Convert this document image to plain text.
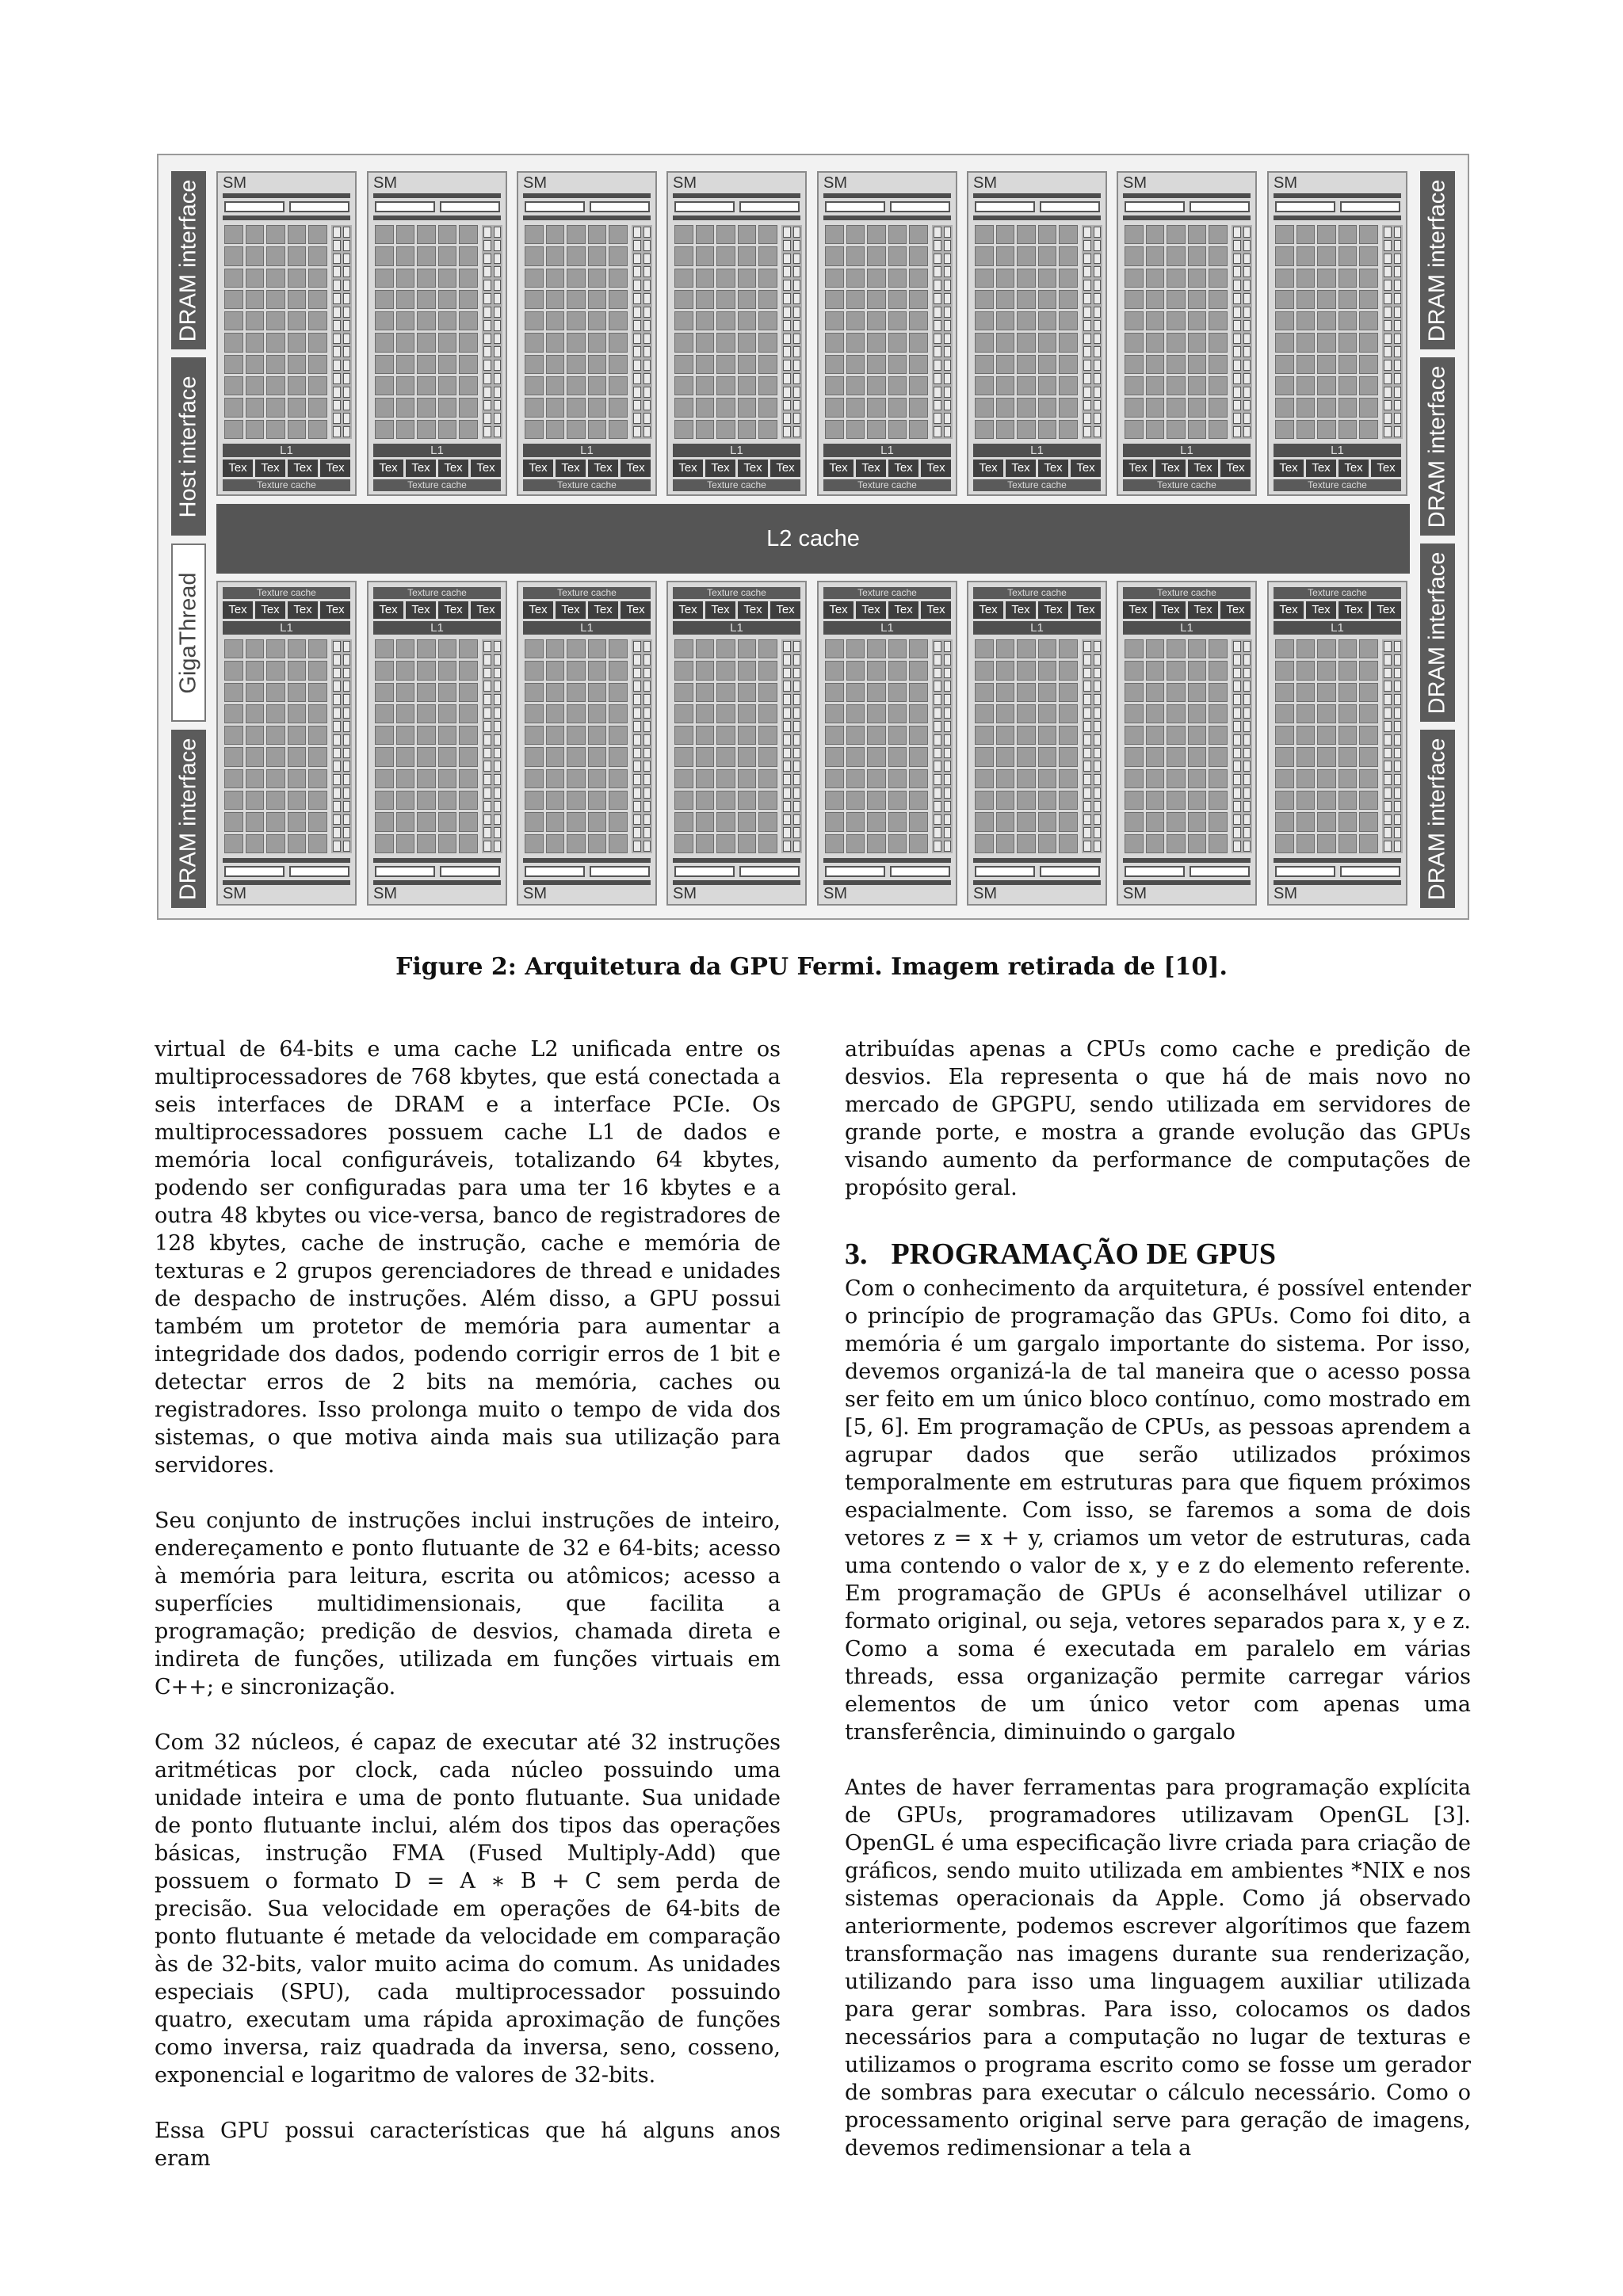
DRAM interface
Host interface
GigaThread
DRAM interface
DRAM interface
DRAM interface
DRAM interface
DRAM interface
SM
L1
Tex	Tex	Tex	Tex
Texture cache
Texture cache
Tex	Tex	Tex	Tex
L1
SM
SM
L1
Tex	Tex	Tex	Tex
Texture cache
Texture cache
Tex	Tex	Tex	Tex
L1
SM
SM
L1
Tex	Tex	Tex	Tex
Texture cache
Texture cache
Tex	Tex	Tex	Tex
L1
SM
SM
L1
Tex	Tex	Tex	Tex
Texture cache
Texture cache
Tex	Tex	Tex	Tex
L1
SM
SM
L1
Tex	Tex	Tex	Tex
Texture cache
Texture cache
Tex	Tex	Tex	Tex
L1
SM
SM
L1
Tex	Tex	Tex	Tex
Texture cache
Texture cache
Tex	Tex	Tex	Tex
L1
SM
SM
L1
Tex	Tex	Tex	Tex
Texture cache
Texture cache
Tex	Tex	Tex	Tex
L1
SM
SM
L1
Tex	Tex	Tex	Tex
Texture cache
Texture cache
Tex	Tex	Tex	Tex
L1
SM
L2 cache
Figure 2: Arquitetura da GPU Fermi. Imagem retirada de [10].

virtual de 64-bits e uma cache L2 unificada entre os multiprocessadores de 768 kbytes, que está conectada a seis interfaces de DRAM e a interface PCIe. Os multiprocessadores possuem cache L1 de dados e memória local configuráveis, totalizando 64 kbytes, podendo ser configuradas para uma ter 16 kbytes e a outra 48 kbytes ou vice-versa, banco de registradores de 128 kbytes, cache de instrução, cache e memória de texturas e 2 grupos gerenciadores de thread e unidades de despacho de instruções. Além disso, a GPU possui também um protetor de memória para aumentar a integridade dos dados, podendo corrigir erros de 1 bit e detectar erros de 2 bits na memória, caches ou registradores. Isso prolonga muito o tempo de vida dos sistemas, o que motiva ainda mais sua utilização para servidores.

Seu conjunto de instruções inclui instruções de inteiro, endereçamento e ponto flutuante de 32 e 64-bits; acesso à memória para leitura, escrita ou atômicos; acesso a superfícies multidimensionais, que facilita a programação; predição de desvios, chamada direta e indireta de funções, utilizada em funções virtuais em C++; e sincronização.

Com 32 núcleos, é capaz de executar até 32 instruções aritméticas por clock, cada núcleo possuindo uma unidade inteira e uma de ponto flutuante. Sua unidade de ponto flutuante inclui, além dos tipos das operações básicas, instrução FMA (Fused Multiply-Add) que possuem o formato D = A ∗ B + C sem perda de precisão. Sua velocidade em operações de 64-bits de ponto flutuante é metade da velocidade em comparação às de 32-bits, valor muito acima do comum. As unidades especiais (SPU), cada multiprocessador possuindo quatro, executam uma rápida aproximação de funções como inversa, raiz quadrada da inversa, seno, cosseno, exponencial e logaritmo de valores de 32-bits.

Essa GPU possui características que há alguns anos eram

atribuídas apenas a CPUs como cache e predição de desvios. Ela representa o que há de mais novo no mercado de GPGPU, sendo utilizada em servidores de grande porte, e mostra a grande evolução das GPUs visando aumento da performance de computações de propósito geral.

3. PROGRAMAÇÃO DE GPUS

Com o conhecimento da arquitetura, é possível entender o princípio de programação das GPUs. Como foi dito, a memória é um gargalo importante do sistema. Por isso, devemos organizá-la de tal maneira que o acesso possa ser feito em um único bloco contínuo, como mostrado em [5, 6]. Em programação de CPUs, as pessoas aprendem a agrupar dados que serão utilizados próximos temporalmente em estruturas para que fiquem próximos espacialmente. Com isso, se faremos a soma de dois vetores z = x + y, criamos um vetor de estruturas, cada uma contendo o valor de x, y e z do elemento referente. Em programação de GPUs é aconselhável utilizar o formato original, ou seja, vetores separados para x, y e z. Como a soma é executada em paralelo em várias threads, essa organização permite carregar vários elementos de um único vetor com apenas uma transferência, diminuindo o gargalo

Antes de haver ferramentas para programação explícita de GPUs, programadores utilizavam OpenGL [3]. OpenGL é uma especificação livre criada para criação de gráficos, sendo muito utilizada em ambientes *NIX e nos sistemas operacionais da Apple. Como já observado anteriormente, podemos escrever algorítimos que fazem transformação nas imagens durante sua renderização, utilizando para isso uma linguagem auxiliar utilizada para gerar sombras. Para isso, colocamos os dados necessários para a computação no lugar de texturas e utilizamos o programa escrito como se fosse um gerador de sombras para executar o cálculo necessário. Como o processamento original serve para geração de imagens, devemos redimensionar a tela a
